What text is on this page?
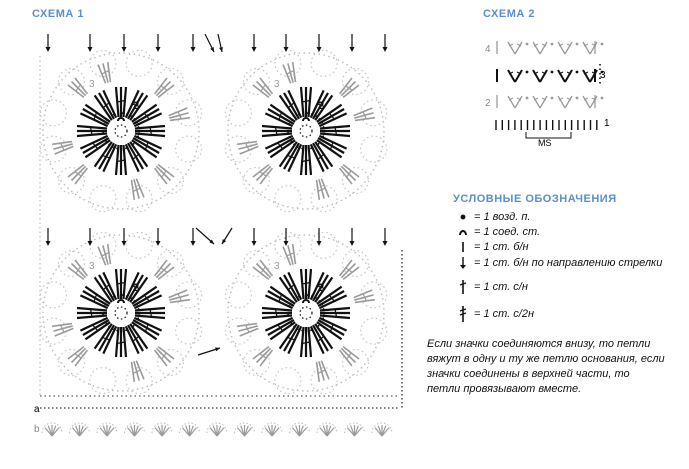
СХЕМА 1	СХЕМА 2
2
3
2
3
2
3
2
3
a
b
4
3
2
1
MS
УСЛОВНЫЕ ОБОЗНАЧЕНИЯ
= 1 возд. п.
= 1 соед. ст.
= 1 ст. б/н
= 1 ст. б/н по направлению стрелки
= 1 ст. с/н
= 1 ст. с/2н
Если значки соединяются внизу, то петли вяжут в одну и ту же петлю основания, если значки соединены в верхней части, то петли провязывают вместе.
